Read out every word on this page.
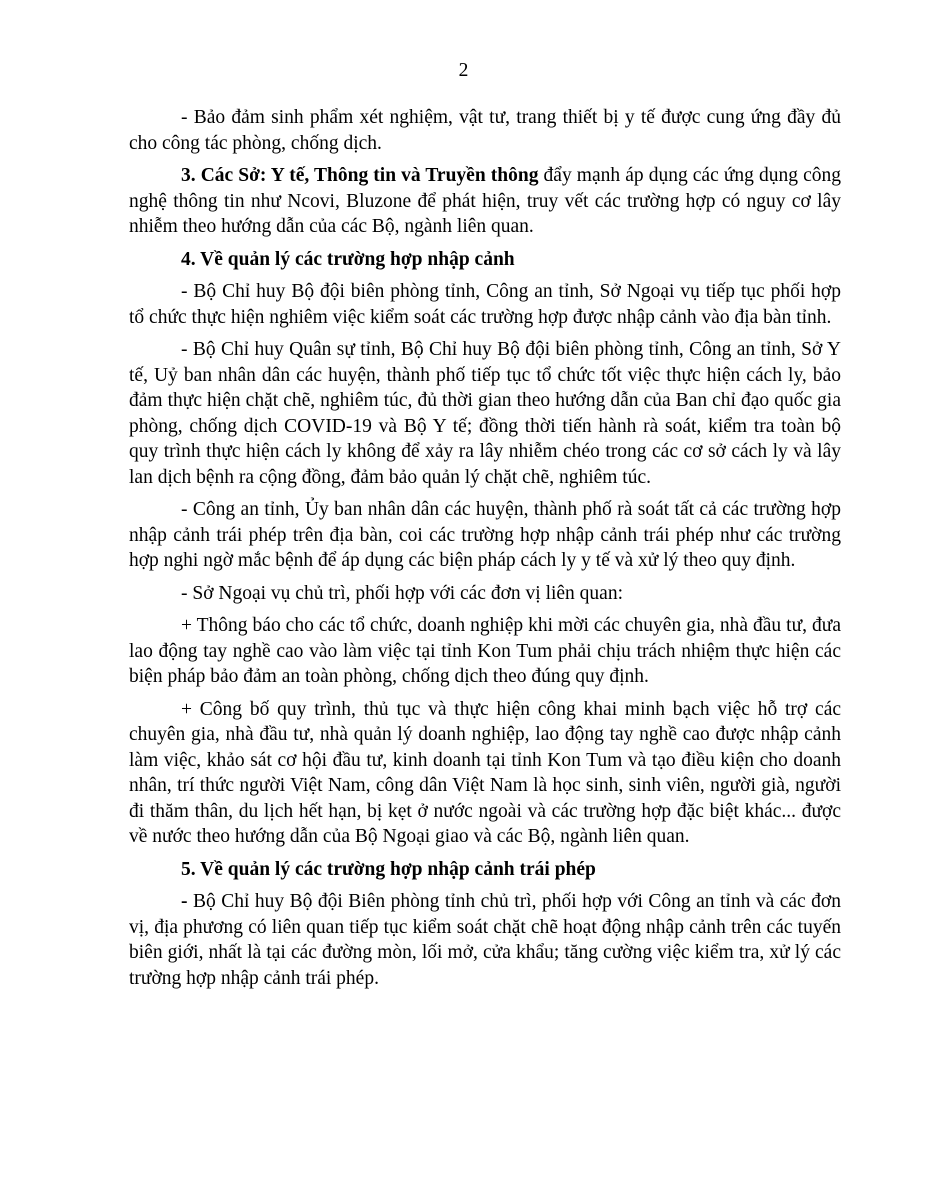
2

- Bảo đảm sinh phẩm xét nghiệm, vật tư, trang thiết bị y tế được cung ứng đầy đủ cho công tác phòng, chống dịch.

3. Các Sở: Y tế, Thông tin và Truyền thông đẩy mạnh áp dụng các ứng dụng công nghệ thông tin như Ncovi, Bluzone để phát hiện, truy vết các trường hợp có nguy cơ lây nhiễm theo hướng dẫn của các Bộ, ngành liên quan.

4. Về quản lý các trường hợp nhập cảnh

- Bộ Chỉ huy Bộ đội biên phòng tỉnh, Công an tỉnh, Sở Ngoại vụ tiếp tục phối hợp tổ chức thực hiện nghiêm việc kiểm soát các trường hợp được nhập cảnh vào địa bàn tỉnh.

- Bộ Chỉ huy Quân sự tỉnh, Bộ Chỉ huy Bộ đội biên phòng tỉnh, Công an tỉnh, Sở Y tế, Uỷ ban nhân dân các huyện, thành phố tiếp tục tổ chức tốt việc thực hiện cách ly, bảo đảm thực hiện chặt chẽ, nghiêm túc, đủ thời gian theo hướng dẫn của Ban chỉ đạo quốc gia phòng, chống dịch COVID-19 và Bộ Y tế; đồng thời tiến hành rà soát, kiểm tra toàn bộ quy trình thực hiện cách ly không để xảy ra lây nhiễm chéo trong các cơ sở cách ly và lây lan dịch bệnh ra cộng đồng, đảm bảo quản lý chặt chẽ, nghiêm túc.

- Công an tỉnh, Ủy ban nhân dân các huyện, thành phố rà soát tất cả các trường hợp nhập cảnh trái phép trên địa bàn, coi các trường hợp nhập cảnh trái phép như các trường hợp nghi ngờ mắc bệnh để áp dụng các biện pháp cách ly y tế và xử lý theo quy định.

- Sở Ngoại vụ chủ trì, phối hợp với các đơn vị liên quan:

+ Thông báo cho các tổ chức, doanh nghiệp khi mời các chuyên gia, nhà đầu tư, đưa lao động tay nghề cao vào làm việc tại tỉnh Kon Tum phải chịu trách nhiệm thực hiện các biện pháp bảo đảm an toàn phòng, chống dịch theo đúng quy định.

+ Công bố quy trình, thủ tục và thực hiện công khai minh bạch việc hỗ trợ các chuyên gia, nhà đầu tư, nhà quản lý doanh nghiệp, lao động tay nghề cao được nhập cảnh làm việc, khảo sát cơ hội đầu tư, kinh doanh tại tỉnh Kon Tum và tạo điều kiện cho doanh nhân, trí thức người Việt Nam, công dân Việt Nam là học sinh, sinh viên, người già, người đi thăm thân, du lịch hết hạn, bị kẹt ở nước ngoài và các trường hợp đặc biệt khác... được về nước theo hướng dẫn của Bộ Ngoại giao và các Bộ, ngành liên quan.

5. Về quản lý các trường hợp nhập cảnh trái phép

- Bộ Chỉ huy Bộ đội Biên phòng tỉnh chủ trì, phối hợp với Công an tỉnh và các đơn vị, địa phương có liên quan tiếp tục kiểm soát chặt chẽ hoạt động nhập cảnh trên các tuyến biên giới, nhất là tại các đường mòn, lối mở, cửa khẩu; tăng cường việc kiểm tra, xử lý các trường hợp nhập cảnh trái phép.
